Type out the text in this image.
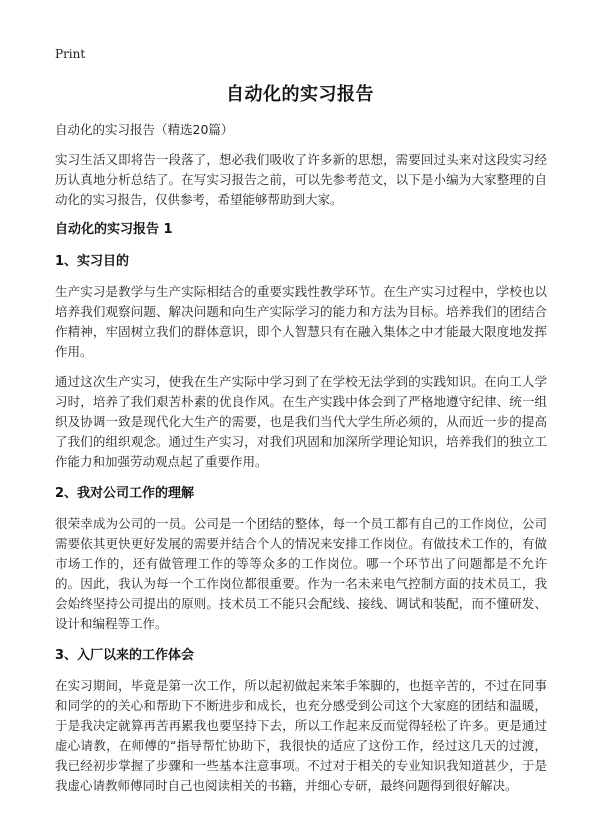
Print
自动化的实习报告
自动化的实习报告（精选20篇）
实习生活又即将告一段落了，想必我们吸收了许多新的思想，需要回过头来对这段实习经历认真地分析总结了。在写实习报告之前，可以先参考范文，以下是小编为大家整理的自动化的实习报告，仅供参考，希望能够帮助到大家。
自动化的实习报告 1
1、实习目的
生产实习是教学与生产实际相结合的重要实践性教学环节。在生产实习过程中，学校也以培养我们观察问题、解决问题和向生产实际学习的能力和方法为目标。培养我们的团结合作精神，牢固树立我们的群体意识，即个人智慧只有在融入集体之中才能最大限度地发挥作用。
通过这次生产实习，使我在生产实际中学习到了在学校无法学到的实践知识。在向工人学习时，培养了我们艰苦朴素的优良作风。在生产实践中体会到了严格地遵守纪律、统一组织及协调一致是现代化大生产的需要，也是我们当代大学生所必须的，从而近一步的提高了我们的组织观念。通过生产实习，对我们巩固和加深所学理论知识，培养我们的独立工作能力和加强劳动观点起了重要作用。
2、我对公司工作的理解
很荣幸成为公司的一员。公司是一个团结的整体，每一个员工都有自己的工作岗位，公司需要依其更快更好发展的需要并结合个人的情况来安排工作岗位。有做技术工作的，有做市场工作的，还有做管理工作的等等众多的工作岗位。哪一个环节出了问题都是不允许的。因此，我认为每一个工作岗位都很重要。作为一名未来电气控制方面的技术员工，我会始终坚持公司提出的原则。技术员工不能只会配线、接线、调试和装配，而不懂研发、设计和编程等工作。
3、入厂以来的工作体会
在实习期间，毕竟是第一次工作，所以起初做起来笨手笨脚的，也挺辛苦的，不过在同事和同学的的关心和帮助下不断进步和成长，也充分感受到公司这个大家庭的团结和温暖，于是我决定就算再苦再累我也要坚持下去，所以工作起来反而觉得轻松了许多。更是通过虚心请教，在师傅的“指导帮忙协助下，我很快的适应了这份工作，经过这几天的过渡，我已经初步掌握了步骤和一些基本注意事项。不过对于相关的专业知识我知道甚少，于是我虚心请教师傅同时自己也阅读相关的书籍，并细心专研，最终问题得到很好解决。
